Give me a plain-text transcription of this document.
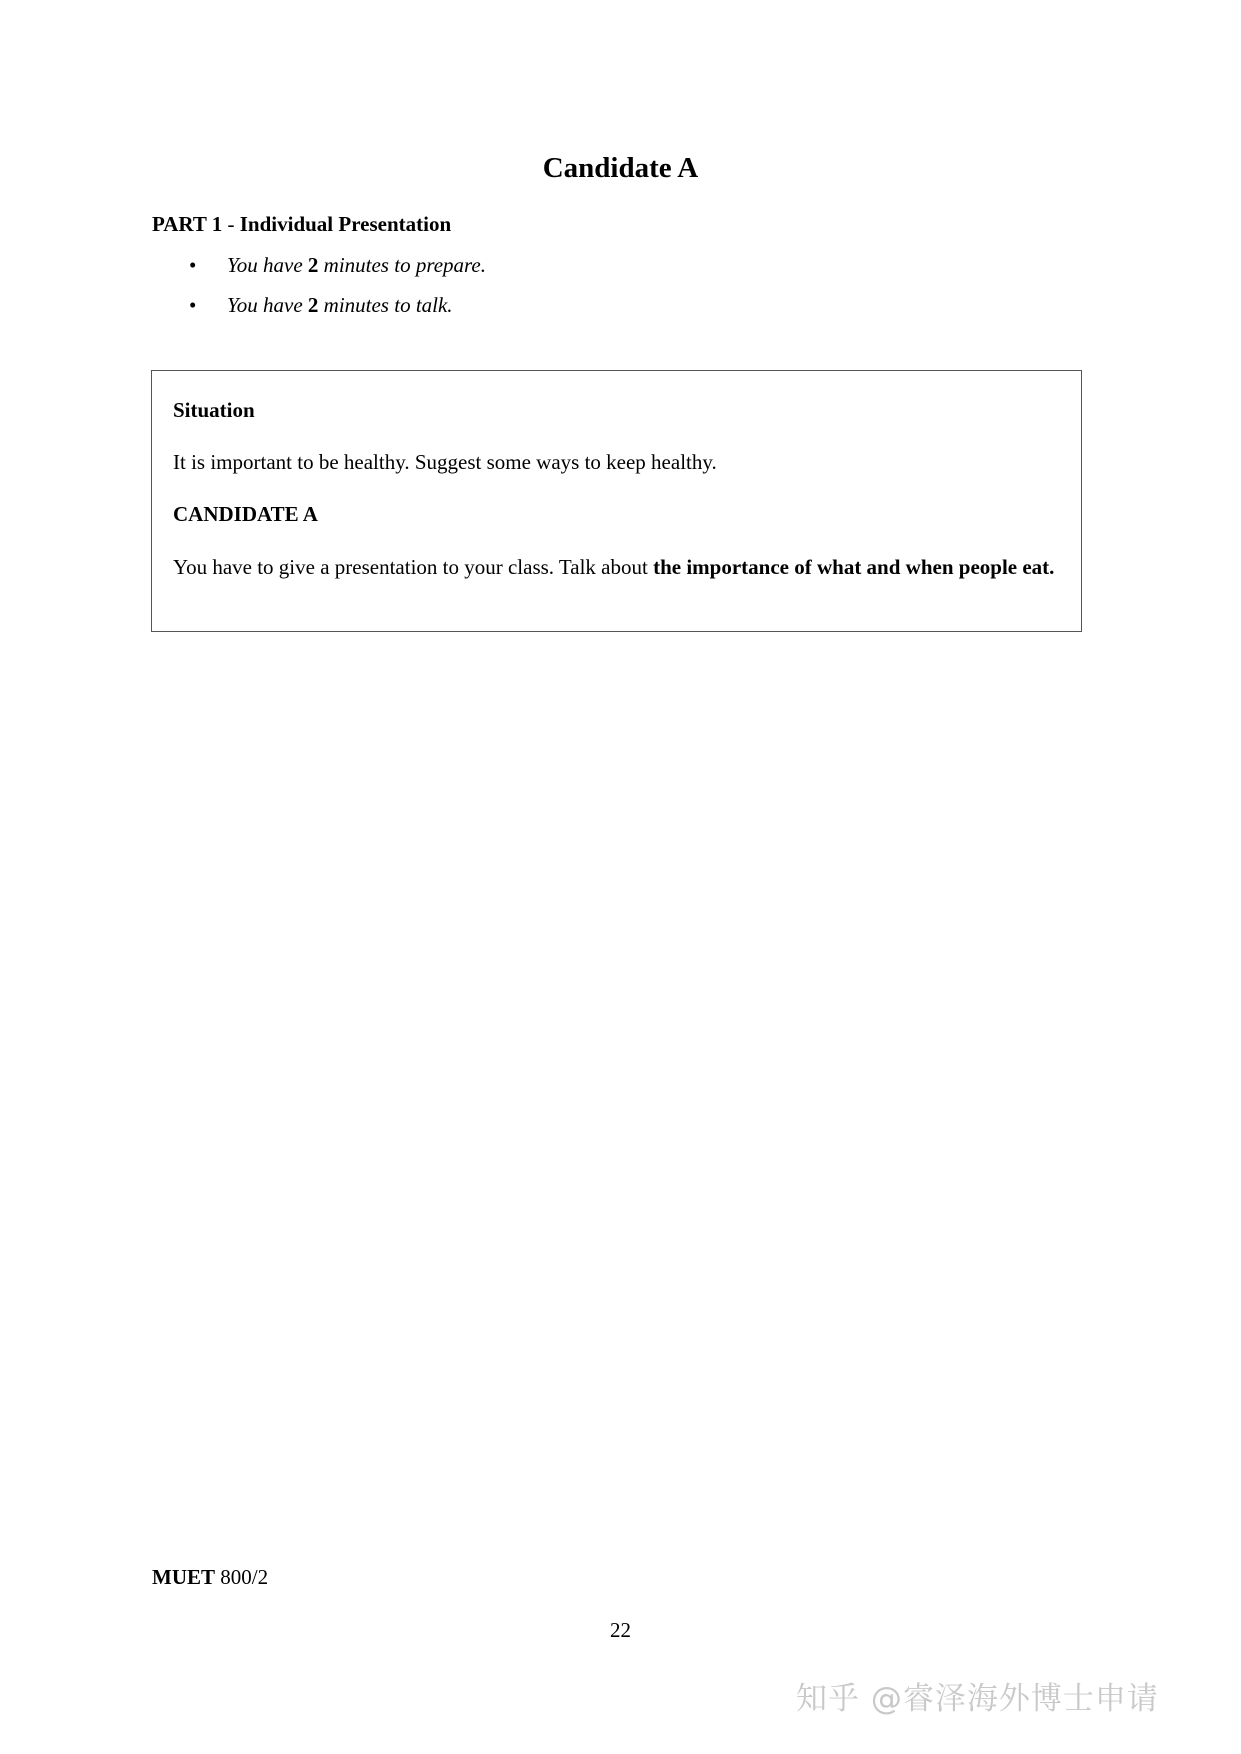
Candidate A
PART 1 - Individual Presentation
• You have 2 minutes to prepare.
• You have 2 minutes to talk.
Situation
It is important to be healthy. Suggest some ways to keep healthy.
CANDIDATE A
You have to give a presentation to your class. Talk about the importance of what and when people eat.
MUET 800/2
22
知乎 @睿泽海外博士申请
